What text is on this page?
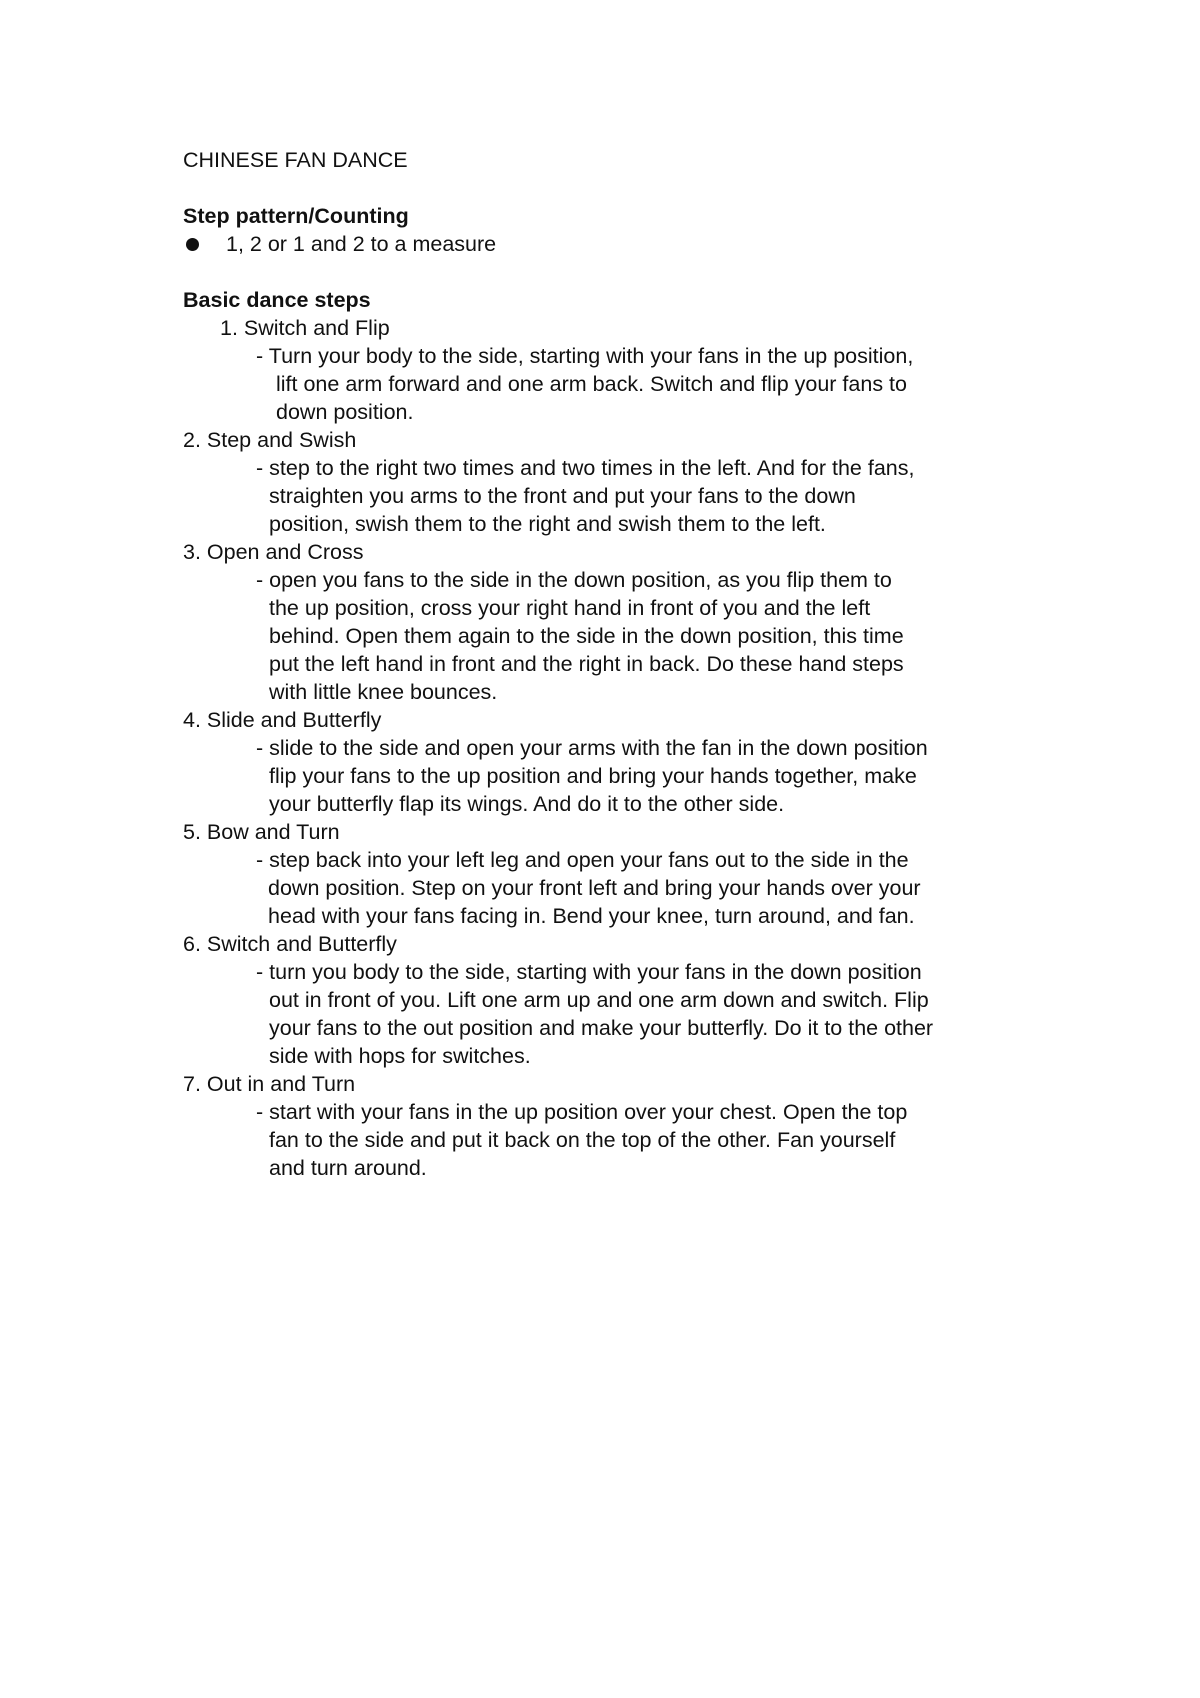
CHINESE FAN DANCE
Step pattern/Counting
1, 2 or 1 and 2 to a measure
Basic dance steps
1. Switch and Flip
- Turn your body to the side, starting with your fans in the up position,
lift one arm forward and one arm back. Switch and flip your fans to
down position.
2. Step and Swish
- step to the right two times and two times in the left. And for the fans,
straighten you arms to the front and put your fans to the down
position, swish them to the right and swish them to the left.
3. Open and Cross
- open you fans to the side in the down position, as you flip them to
the up position, cross your right hand in front of you and the left
behind. Open them again to the side in the down position, this time
put the left hand in front and the right in back. Do these hand steps
with little knee bounces.
4. Slide and Butterfly
- slide to the side and open your arms with the fan in the down position
flip your fans to the up position and bring your hands together, make
your butterfly flap its wings. And do it to the other side.
5. Bow and Turn
- step back into your left leg and open your fans out to the side in the
down position. Step on your front left and bring your hands over your
head with your fans facing in. Bend your knee, turn around, and fan.
6. Switch and Butterfly
- turn you body to the side, starting with your fans in the down position
out in front of you. Lift one arm up and one arm down and switch. Flip
your fans to the out position and make your butterfly. Do it to the other
side with hops for switches.
7. Out in and Turn
- start with your fans in the up position over your chest. Open the top
fan to the side and put it back on the top of the other. Fan yourself
and turn around.
